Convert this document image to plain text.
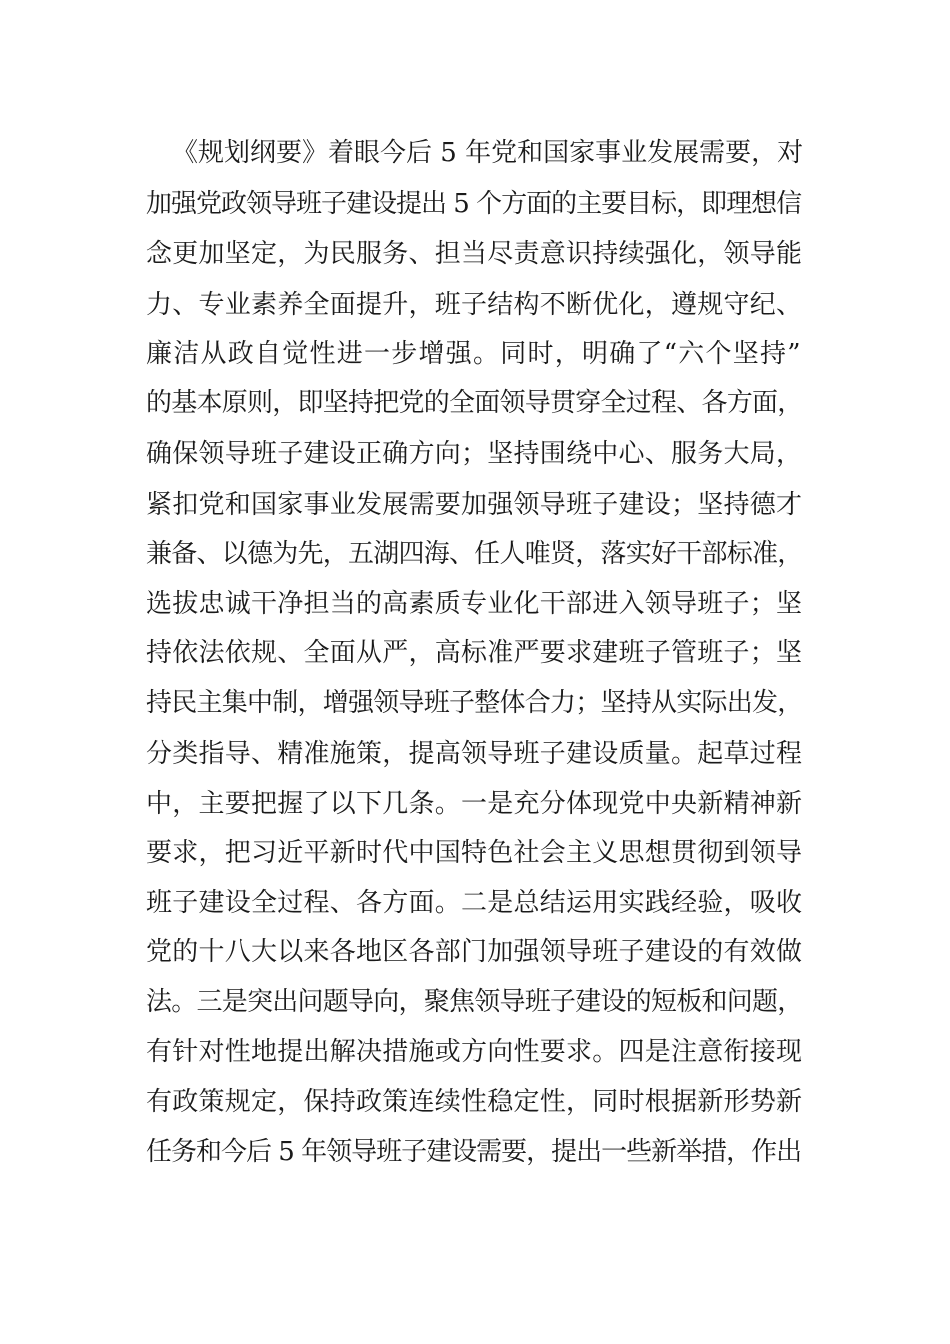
《规划纲要》着眼今后 5 年党和国家事业发展需要，对
加强党政领导班子建设提出 5 个方面的主要目标，即理想信
念更加坚定，为民服务、担当尽责意识持续强化，领导能
力、专业素养全面提升，班子结构不断优化，遵规守纪、
廉洁从政自觉性进一步增强。同时，明确了“六个坚持”
的基本原则，即坚持把党的全面领导贯穿全过程、各方面，
确保领导班子建设正确方向；坚持围绕中心、服务大局，
紧扣党和国家事业发展需要加强领导班子建设；坚持德才
兼备、以德为先，五湖四海、任人唯贤，落实好干部标准，
选拔忠诚干净担当的高素质专业化干部进入领导班子；坚
持依法依规、全面从严，高标准严要求建班子管班子；坚
持民主集中制，增强领导班子整体合力；坚持从实际出发，
分类指导、精准施策，提高领导班子建设质量。起草过程
中，主要把握了以下几条。一是充分体现党中央新精神新
要求，把习近平新时代中国特色社会主义思想贯彻到领导
班子建设全过程、各方面。二是总结运用实践经验，吸收
党的十八大以来各地区各部门加强领导班子建设的有效做
法。三是突出问题导向，聚焦领导班子建设的短板和问题，
有针对性地提出解决措施或方向性要求。四是注意衔接现
有政策规定，保持政策连续性稳定性，同时根据新形势新
任务和今后 5 年领导班子建设需要，提出一些新举措，作出
